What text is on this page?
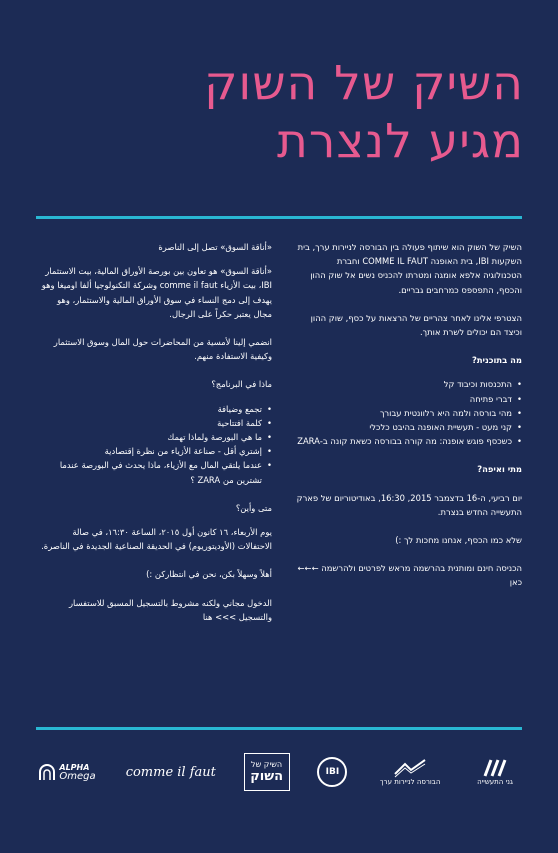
השיק של השוק
מגיע לנצרת

השיק של השוק הוא שיתוף פעולה בין הבורסה לניירות ערך, בית השקעות IBI, בית האופנה COMME IL FAUT וחברת הטכנולוגיה אלפא אומגה ומטרתו להכניס נשים אל שוק ההון והכסף, התפספס כמרחבים גבריים.

הצטרפי אלינו לאחר צהריים של הרצאות על כסף, שוק ההון וכיצד הם יכולים לשרת אותך.

מה בתוכנית?

• התכנסות וכיבוד קל
• דברי פתיחה
• מהי בורסה ולמה היא רלוונטית עבורך
• קני מעט - תעשיית האופנה בהיבט כלכלי
• כשכסף פוגש אופנה: מה קורה בבורסה כשאת קונה ב-ZARA

מתי ואיפה?

יום רביעי, ה-16 בדצמבר 2015, 16:30, באודיטוריום של פארק התעשייה החדש בנצרת.

שלא כמו הכסף, אנחנו מחכות לך :)

הכניסה חינם ומותנית בהרשמה מראש לפרטים ולהרשמה ←←← כאן

«أناقة السوق» تصل إلى الناصرة

«أناقة السوق» هو تعاون بين بورصة الأوراق المالية، بيت الاستثمار IBI، بيت الأزياء comme il faut وشركة التكنولوجيا ألفا اوميغا وهو يهدف إلى دمج النساء في سوق الأوراق المالية والاستثمار، وهو مجال يعتبر حكراً على الرجال.

انضمي إلينا لأمسية من المحاضرات حول المال وسوق الاستثمار وكيفية الاستفادة منهم.

ماذا في البرنامج؟

• تجمع وضيافة
• كلمة افتتاحية
• ما هي البورصة ولماذا تهمك
• إشتري أقل - صناعة الأزياء من نظرة إقتصادية
• عندما يلتقي المال مع الأزياء، ماذا يحدث في البورصة عندما تشترين من ZARA ؟

متى وأين؟

يوم الأربعاء، ١٦ كانون أول ٢٠١٥، الساعة ١٦:٣٠، في صالة الاحتفالات (الأوديتوريوم) في الحديقة الصناعية الجديدة في الناصرة.

أهلاً وسهلاً بكن، نحن في انتظاركن :)

الدخول مجاني ولكنه مشروط بالتسجيل المسبق للاستفسار والتسجيل >>> هنا

ALPHA
Omega comme il faut	השיק של
השוק	IBI
הבורסה לניירות ערך	גני התעשייה
